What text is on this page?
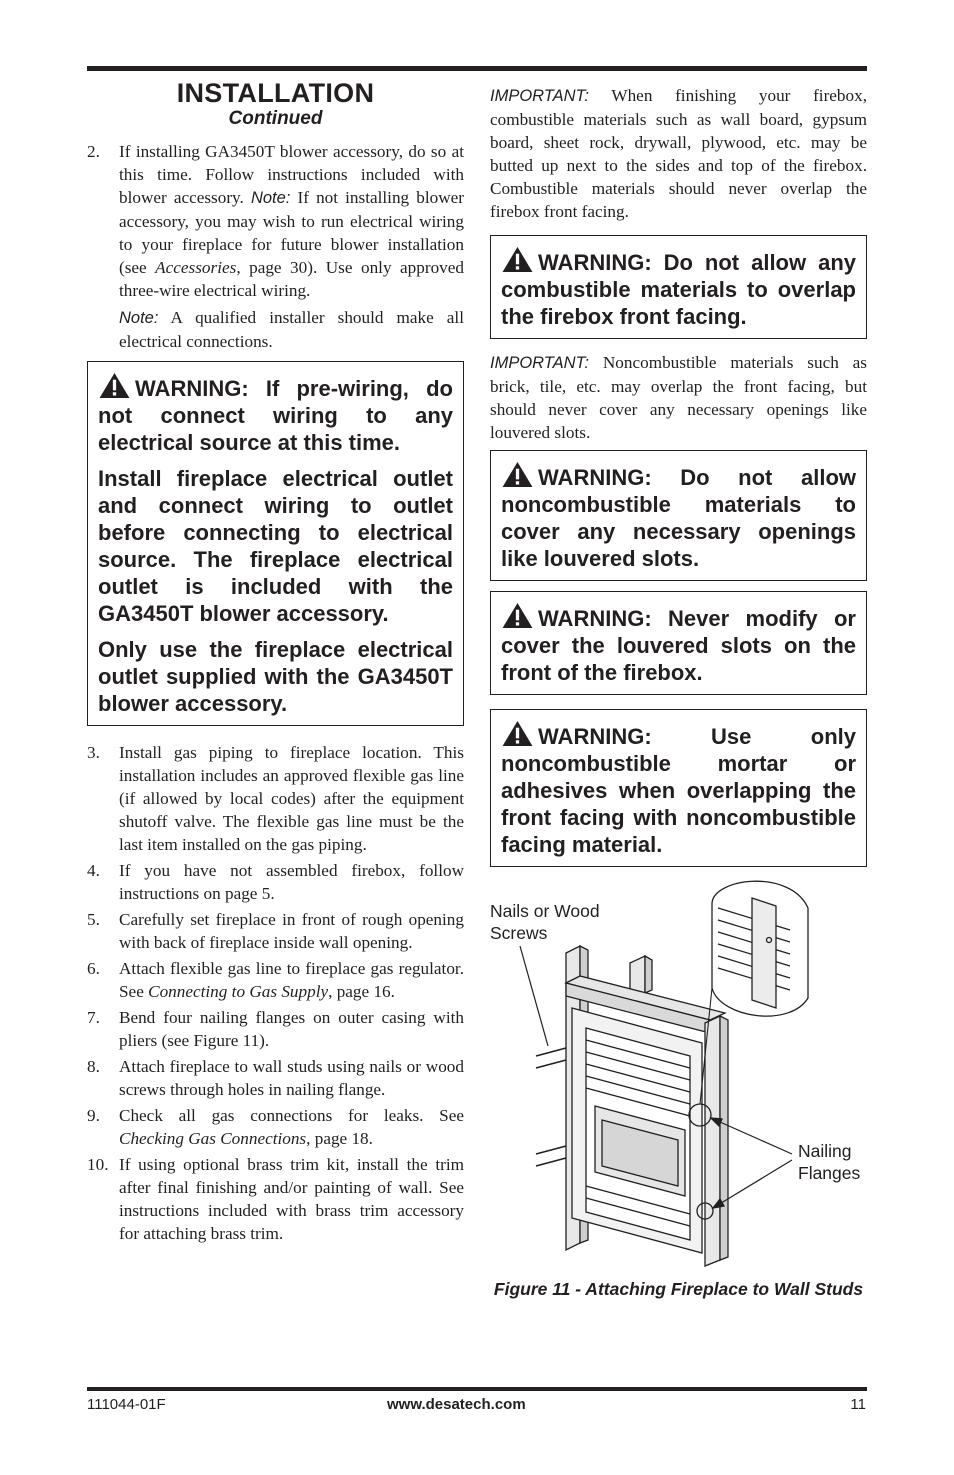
INSTALLATION
Continued
2. If installing GA3450T blower accessory, do so at this time. Follow instructions included with blower accessory. Note: If not installing blower accessory, you may wish to run electrical wiring to your fireplace for future blower installation (see Accessories, page 30). Use only approved three-wire electrical wiring.

Note: A qualified installer should make all electrical connections.

WARNING: If pre-wiring, do not connect wiring to any electrical source at this time.

Install fireplace electrical outlet and connect wiring to outlet before connecting to electrical source. The fireplace electrical outlet is included with the GA3450T blower accessory.

Only use the fireplace electrical outlet supplied with the GA3450T blower accessory.

3. Install gas piping to fireplace location. This installation includes an approved flexible gas line (if allowed by local codes) after the equipment shutoff valve. The flexible gas line must be the last item installed on the gas piping.
4. If you have not assembled firebox, follow instructions on page 5.
5. Carefully set fireplace in front of rough opening with back of fireplace inside wall opening.
6. Attach flexible gas line to fireplace gas regulator. See Connecting to Gas Supply, page 16.
7. Bend four nailing flanges on outer casing with pliers (see Figure 11).
8. Attach fireplace to wall studs using nails or wood screws through holes in nailing flange.
9. Check all gas connections for leaks. See Checking Gas Connections, page 18.
10. If using optional brass trim kit, install the trim after final finishing and/or painting of wall. See instructions included with brass trim accessory for attaching brass trim.

IMPORTANT: When finishing your firebox, combustible materials such as wall board, gypsum board, sheet rock, drywall, plywood, etc. may be butted up next to the sides and top of the firebox. Combustible materials should never overlap the firebox front facing.

WARNING: Do not allow any combustible materials to overlap the firebox front facing.

IMPORTANT: Noncombustible materials such as brick, tile, etc. may overlap the front facing, but should never cover any necessary openings like louvered slots.

WARNING: Do not allow noncombustible materials to cover any necessary openings like louvered slots.

WARNING: Never modify or cover the louvered slots on the front of the firebox.

WARNING: Use only noncombustible mortar or adhesives when overlapping the front facing with noncombustible facing material.

Nails or Wood
Screws
Nailing
Flanges
Figure 11 - Attaching Fireplace to Wall Studs
111044-01F	www.desatech.com	11
